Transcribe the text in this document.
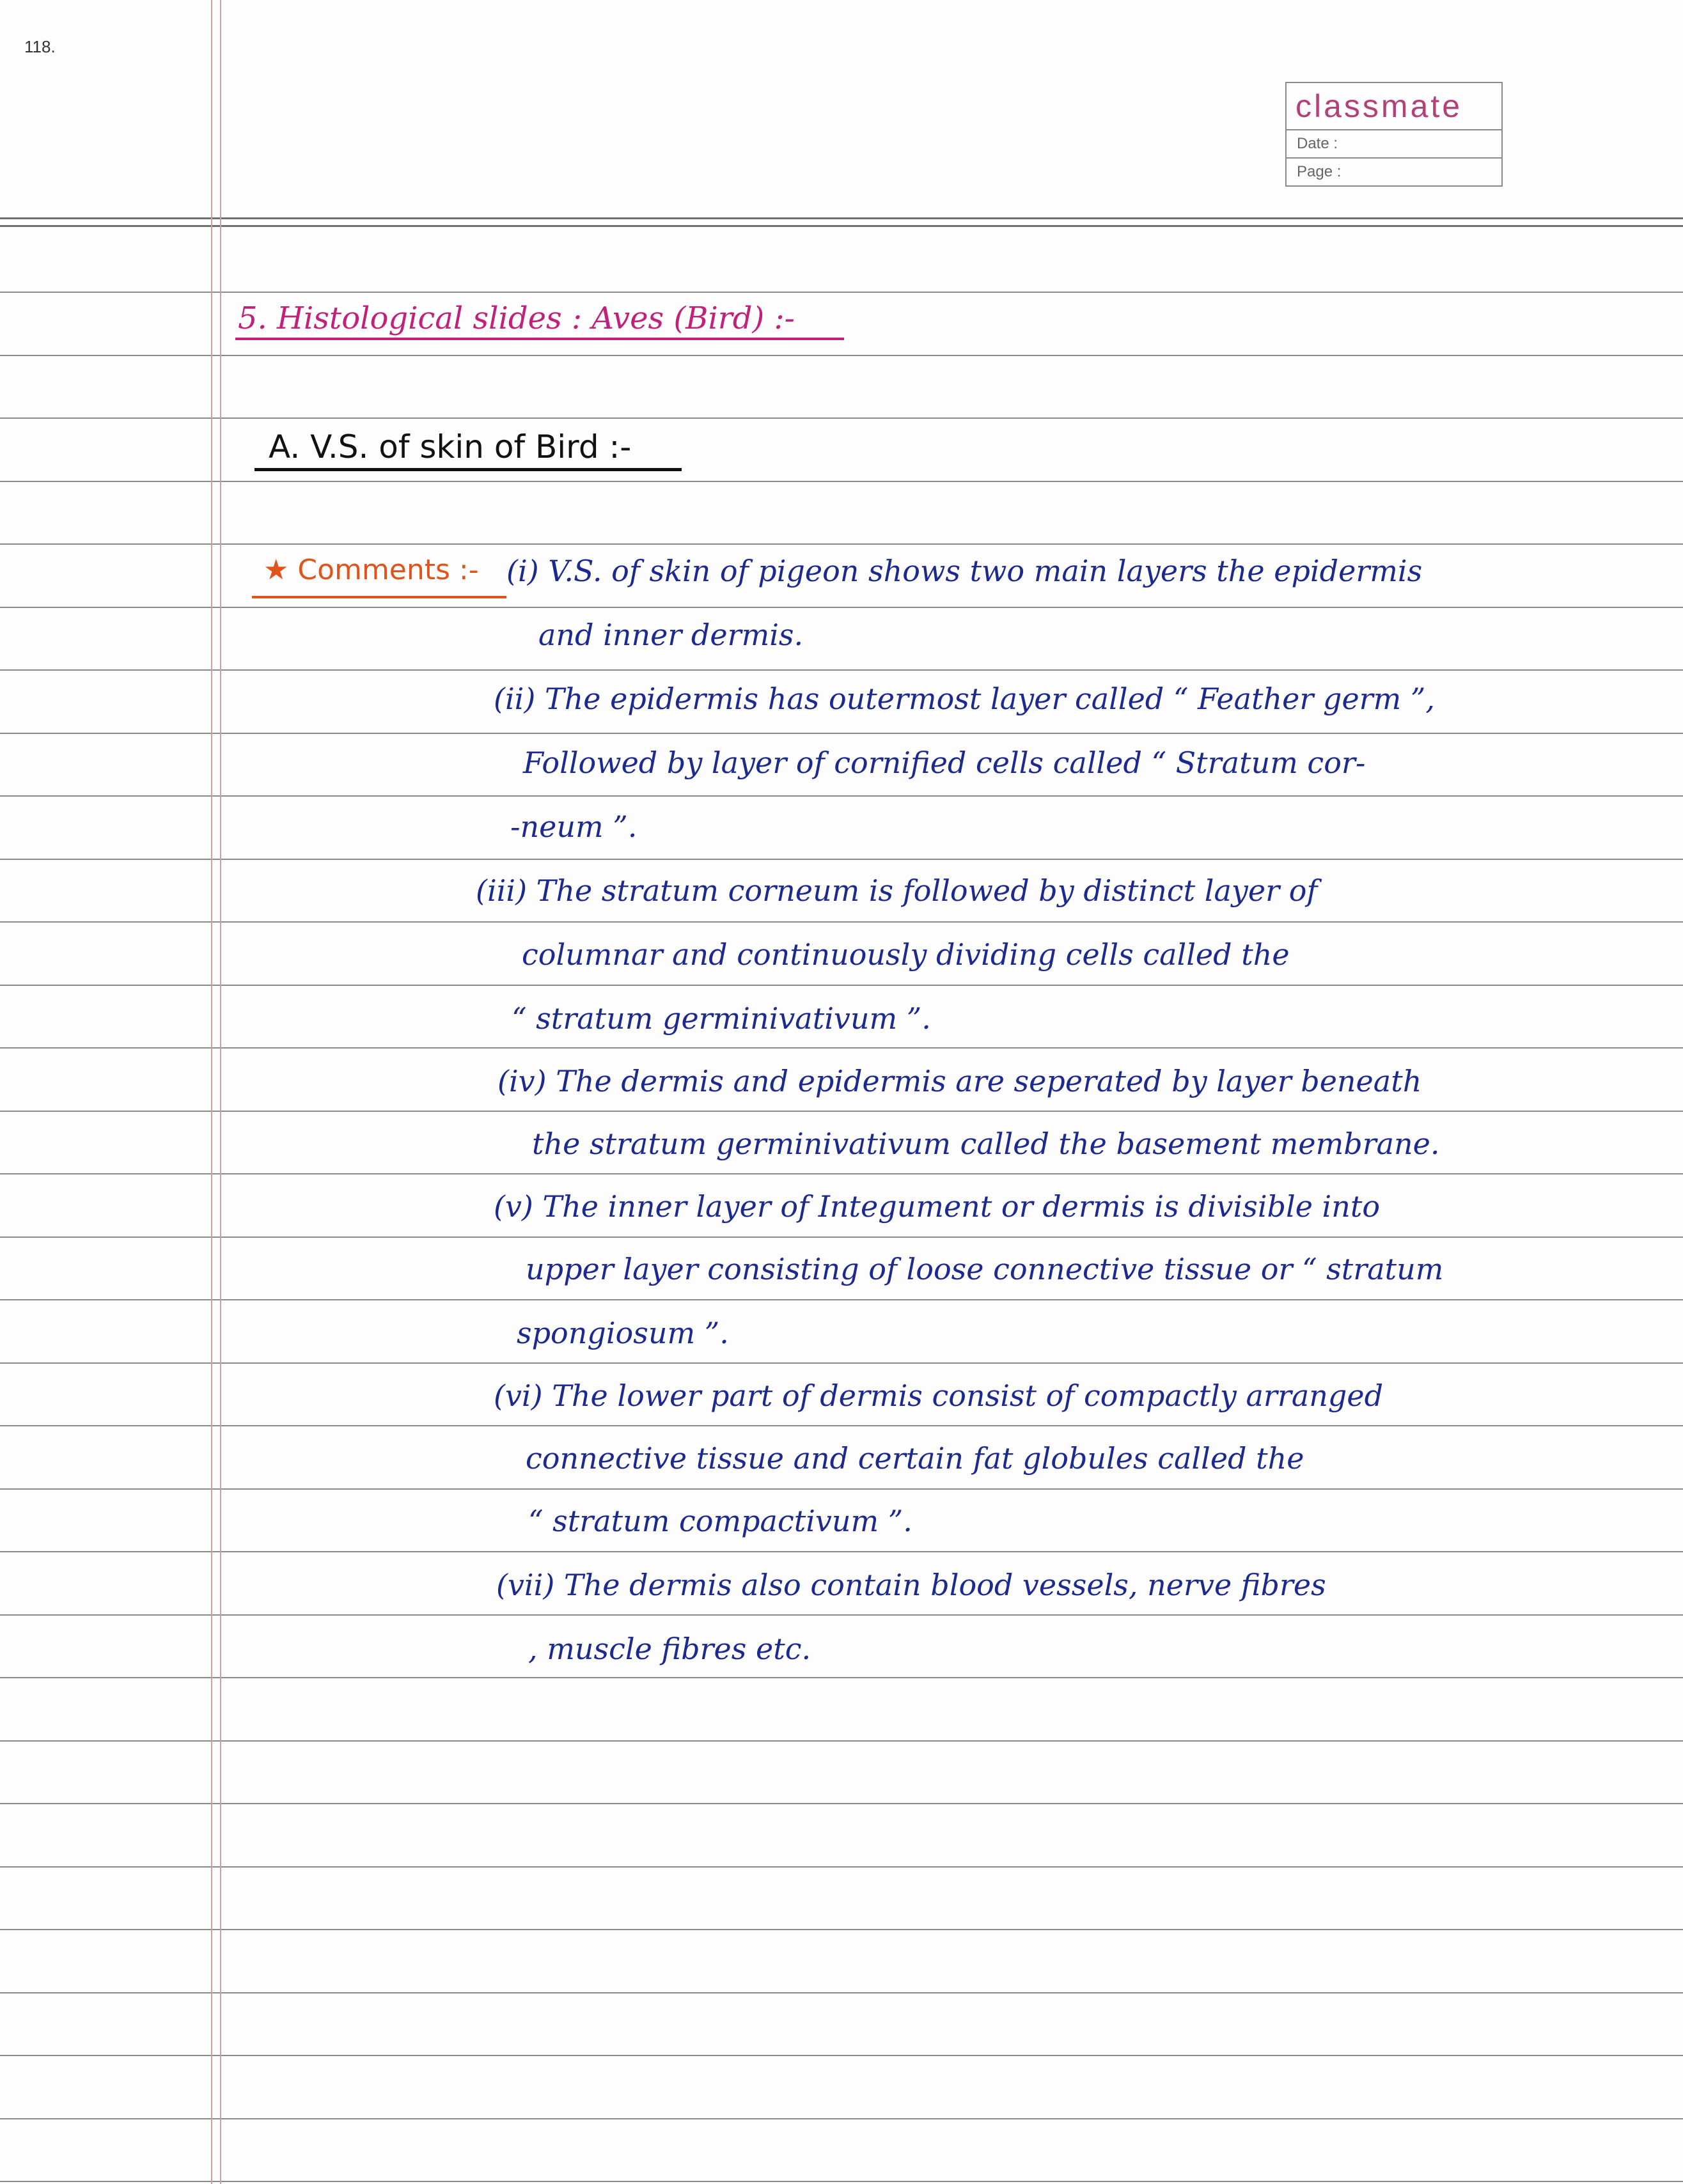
118.
classmate
Date :
Page :
5. Histological slides : Aves (Bird) :-
A. V.S. of skin of Bird :-
★ Comments :- (i) V.S. of skin of pigeon shows two main layers the epidermis
and inner dermis.
(ii) The epidermis has outermost layer called “ Feather germ ”,
Followed by layer of cornified cells called “ Stratum cor-
-neum ”.
(iii) The stratum corneum is followed by distinct layer of
columnar and continuously dividing cells called the
“ stratum germinivativum ”.
(iv) The dermis and epidermis are seperated by layer beneath
the stratum germinivativum called the basement membrane.
(v) The inner layer of Integument or dermis is divisible into
upper layer consisting of loose connective tissue or “ stratum
spongiosum ”.
(vi) The lower part of dermis consist of compactly arranged
connective tissue and certain fat globules called the
“ stratum compactivum ”.
(vii) The dermis also contain blood vessels, nerve fibres
, muscle fibres etc.
